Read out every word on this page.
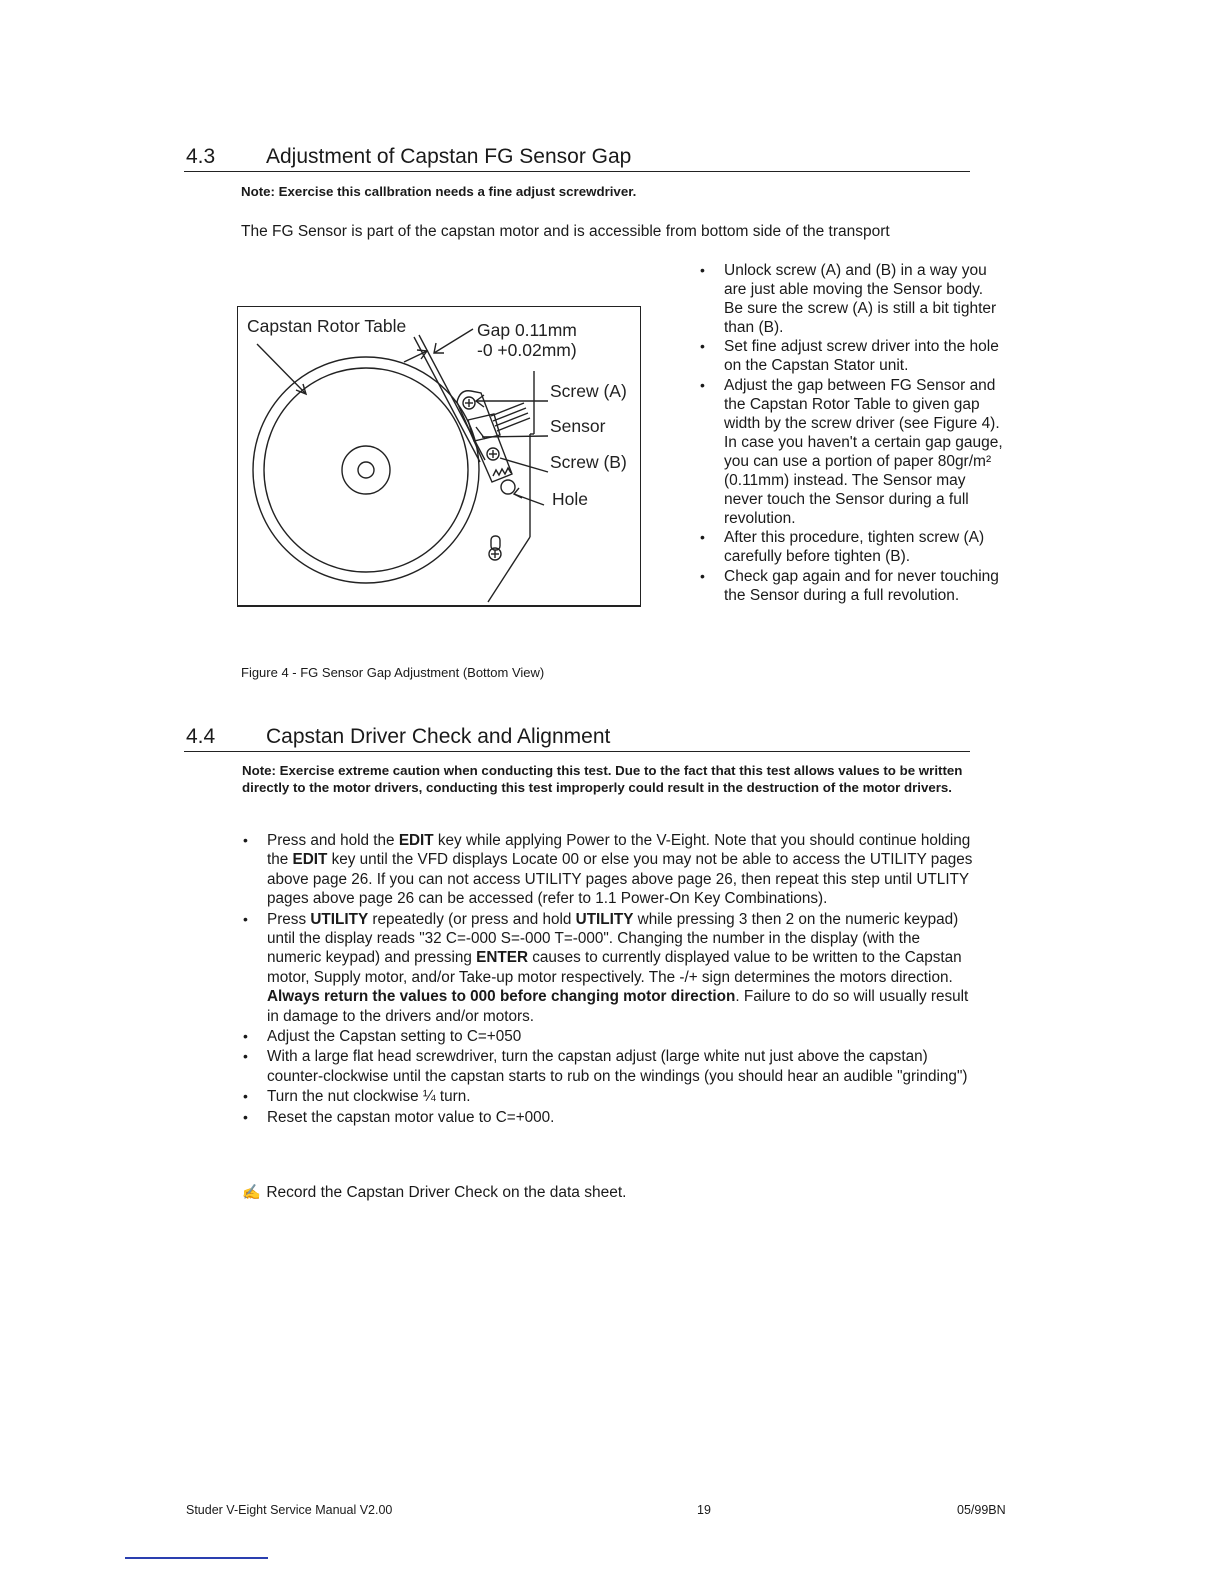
4.3 Adjustment of Capstan FG Sensor Gap
Note: Exercise this callbration needs a fine adjust screwdriver.
The FG Sensor is part of the capstan motor and is accessible from bottom side of the transport
Capstan Rotor Table	Gap 0.11mm
-0 +0.02mm)
Screw (A)
Sensor
Screw (B)
Hole
Figure 4 - FG Sensor Gap Adjustment (Bottom View)
• Unlock screw (A) and (B) in a way you are just able moving the Sensor body. Be sure the screw (A) is still a bit tighter than (B).
• Set fine adjust screw driver into the hole on the Capstan Stator unit.
• Adjust the gap between FG Sensor and the Capstan Rotor Table to given gap width by the screw driver (see Figure 4). In case you haven't a certain gap gauge, you can use a portion of paper 80gr/m² (0.11mm) instead. The Sensor may never touch the Sensor during a full revolution.
• After this procedure, tighten screw (A) carefully before tighten (B).
• Check gap again and for never touching the Sensor during a full revolution.
4.4 Capstan Driver Check and Alignment
Note: Exercise extreme caution when conducting this test. Due to the fact that this test allows values to be written directly to the motor drivers, conducting this test improperly could result in the destruction of the motor drivers.
• Press and hold the EDIT key while applying Power to the V-Eight. Note that you should continue holding the EDIT key until the VFD displays Locate 00 or else you may not be able to access the UTILITY pages above page 26. If you can not access UTILITY pages above page 26, then repeat this step until UTLITY pages above page 26 can be accessed (refer to 1.1 Power-On Key Combinations).
• Press UTILITY repeatedly (or press and hold UTILITY while pressing 3 then 2 on the numeric keypad) until the display reads "32 C=-000 S=-000 T=-000". Changing the number in the display (with the numeric keypad) and pressing ENTER causes to currently displayed value to be written to the Capstan motor, Supply motor, and/or Take-up motor respectively. The -/+ sign determines the motors direction. Always return the values to 000 before changing motor direction. Failure to do so will usually result in damage to the drivers and/or motors.
• Adjust the Capstan setting to C=+050
• With a large flat head screwdriver, turn the capstan adjust (large white nut just above the capstan) counter-clockwise until the capstan starts to rub on the windings (you should hear an audible "grinding")
• Turn the nut clockwise ¼ turn.
• Reset the capstan motor value to C=+000.
✍ Record the Capstan Driver Check on the data sheet.
Studer V-Eight Service Manual V2.00	19	05/99BN
